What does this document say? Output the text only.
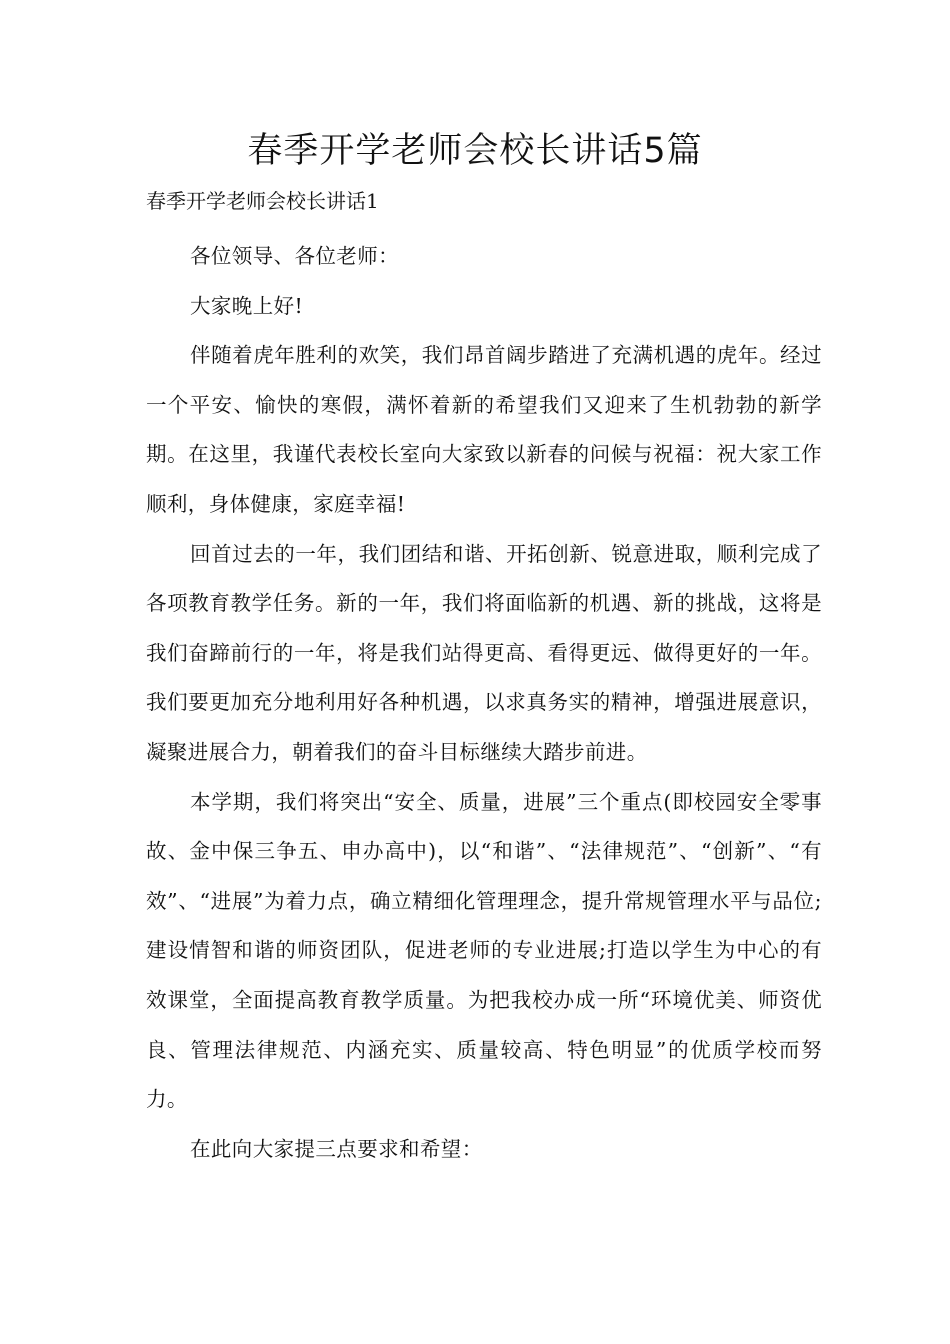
春季开学老师会校长讲话5篇
春季开学老师会校长讲话1

各位领导、各位老师：

大家晚上好!

伴随着虎年胜利的欢笑，我们昂首阔步踏进了充满机遇的虎年。经过一个平安、愉快的寒假，满怀着新的希望我们又迎来了生机勃勃的新学期。在这里，我谨代表校长室向大家致以新春的问候与祝福：祝大家工作顺利，身体健康，家庭幸福!

回首过去的一年，我们团结和谐、开拓创新、锐意进取，顺利完成了各项教育教学任务。新的一年，我们将面临新的机遇、新的挑战，这将是我们奋蹄前行的一年，将是我们站得更高、看得更远、做得更好的一年。我们要更加充分地利用好各种机遇，以求真务实的精神，增强进展意识，凝聚进展合力，朝着我们的奋斗目标继续大踏步前进。

本学期，我们将突出“安全、质量，进展”三个重点(即校园安全零事故、金中保三争五、申办高中)，以“和谐”、“法律规范”、“创新”、“有效”、“进展”为着力点，确立精细化管理理念，提升常规管理水平与品位;建设情智和谐的师资团队，促进老师的专业进展;打造以学生为中心的有效课堂，全面提高教育教学质量。为把我校办成一所“环境优美、师资优良、管理法律规范、内涵充实、质量较高、特色明显”的优质学校而努力。

在此向大家提三点要求和希望：
